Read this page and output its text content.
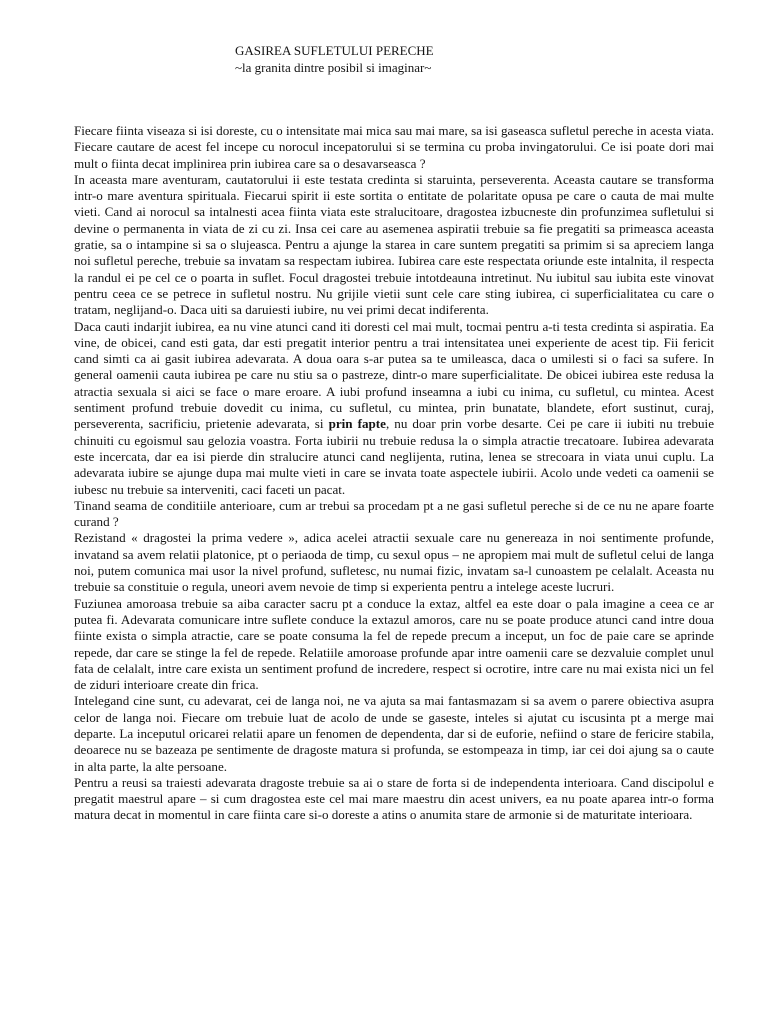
GASIREA SUFLETULUI PERECHE
~la granita dintre posibil si imaginar~

Fiecare fiinta viseaza si isi doreste, cu o intensitate mai mica sau mai mare, sa isi gaseasca sufletul pereche in acesta viata. Fiecare cautare de acest fel incepe cu norocul incepatorului si se termina cu proba invingatorului. Ce isi poate dori mai mult o fiinta decat implinirea prin iubirea care sa o desavarseasca ?

In aceasta mare aventuram, cautatorului ii este testata credinta si staruinta, perseverenta. Aceasta cautare se transforma intr-o mare aventura spirituala. Fiecarui spirit ii este sortita o entitate de polaritate opusa pe care o cauta de mai multe vieti. Cand ai norocul sa intalnesti acea fiinta viata este stralucitoare, dragostea izbucneste din profunzimea sufletului si devine o permanenta in viata de zi cu zi. Insa cei care au asemenea aspiratii trebuie sa fie pregatiti sa primeasca aceasta gratie, sa o intampine si sa o slujeasca. Pentru a ajunge la starea in care suntem pregatiti sa primim si sa apreciem langa noi sufletul pereche, trebuie sa invatam sa respectam iubirea. Iubirea care este respectata oriunde este intalnita, il respecta la randul ei pe cel ce o poarta in suflet. Focul dragostei trebuie intotdeauna intretinut. Nu iubitul sau iubita este vinovat pentru ceea ce se petrece in sufletul nostru. Nu grijile vietii sunt cele care sting iubirea, ci superficialitatea cu care o tratam, neglijand-o. Daca uiti sa daruiesti iubire, nu vei primi decat indiferenta.

Daca cauti indarjit iubirea, ea nu vine atunci cand iti doresti cel mai mult, tocmai pentru a-ti testa credinta si aspiratia. Ea vine, de obicei, cand esti gata, dar esti pregatit interior pentru a trai intensitatea unei experiente de acest tip. Fii fericit cand simti ca ai gasit iubirea adevarata. A doua oara s-ar putea sa te umileasca, daca o umilesti si o faci sa sufere. In general oamenii cauta iubirea pe care nu stiu sa o pastreze, dintr-o mare superficialitate. De obicei iubirea este redusa la atractia sexuala si aici se face o mare eroare. A iubi profund inseamna a iubi cu inima, cu sufletul, cu mintea. Acest sentiment profund trebuie dovedit cu inima, cu sufletul, cu mintea, prin bunatate, blandete, efort sustinut, curaj, perseverenta, sacrificiu, prietenie adevarata, si prin fapte, nu doar prin vorbe desarte. Cei pe care ii iubiti nu trebuie chinuiti cu egoismul sau gelozia voastra. Forta iubirii nu trebuie redusa la o simpla atractie trecatoare. Iubirea adevarata este incercata, dar ea isi pierde din stralucire atunci cand neglijenta, rutina, lenea se strecoara in viata unui cuplu. La adevarata iubire se ajunge dupa mai multe vieti in care se invata toate aspectele iubirii. Acolo unde vedeti ca oamenii se iubesc nu trebuie sa interveniti, caci faceti un pacat.

Tinand seama de conditiile anterioare, cum ar trebui sa procedam pt a ne gasi sufletul pereche si de ce nu ne apare foarte curand ?

Rezistand « dragostei la prima vedere », adica acelei atractii sexuale care nu genereaza in noi sentimente profunde, invatand sa avem relatii platonice, pt o periaoda de timp, cu sexul opus – ne apropiem mai mult de sufletul celui de langa noi, putem comunica mai usor la nivel profund, sufletesc, nu numai fizic, invatam sa-l cunoastem pe celalalt. Aceasta nu trebuie sa constituie o regula, uneori avem nevoie de timp si experienta pentru a intelege aceste lucruri.

Fuziunea amoroasa trebuie sa aiba caracter sacru pt a conduce la extaz, altfel ea este doar o pala imagine a ceea ce ar putea fi. Adevarata comunicare intre suflete conduce la extazul amoros, care nu se poate produce atunci cand intre doua fiinte exista o simpla atractie, care se poate consuma la fel de repede precum a inceput, un foc de paie care se aprinde repede, dar care se stinge la fel de repede. Relatiile amoroase profunde apar intre oamenii care se dezvaluie complet unul fata de celalalt, intre care exista un sentiment profund de incredere, respect si ocrotire, intre care nu mai exista nici un fel de ziduri interioare create din frica.

Intelegand cine sunt, cu adevarat, cei de langa noi, ne va ajuta sa mai fantasmazam si sa avem o parere obiectiva asupra celor de langa noi. Fiecare om trebuie luat de acolo de unde se gaseste, inteles si ajutat cu iscusinta pt a merge mai departe. La inceputul oricarei relatii apare un fenomen de dependenta, dar si de euforie, nefiind o stare de fericire stabila, deoarece nu se bazeaza pe sentimente de dragoste matura si profunda, se estompeaza in timp, iar cei doi ajung sa o caute in alta parte, la alte persoane.

Pentru a reusi sa traiesti adevarata dragoste trebuie sa ai o stare de forta si de independenta interioara. Cand discipolul e pregatit maestrul apare – si cum dragostea este cel mai mare maestru din acest univers, ea nu poate aparea intr-o forma matura decat in momentul in care fiinta care si-o doreste a atins o anumita stare de armonie si de maturitate interioara.
